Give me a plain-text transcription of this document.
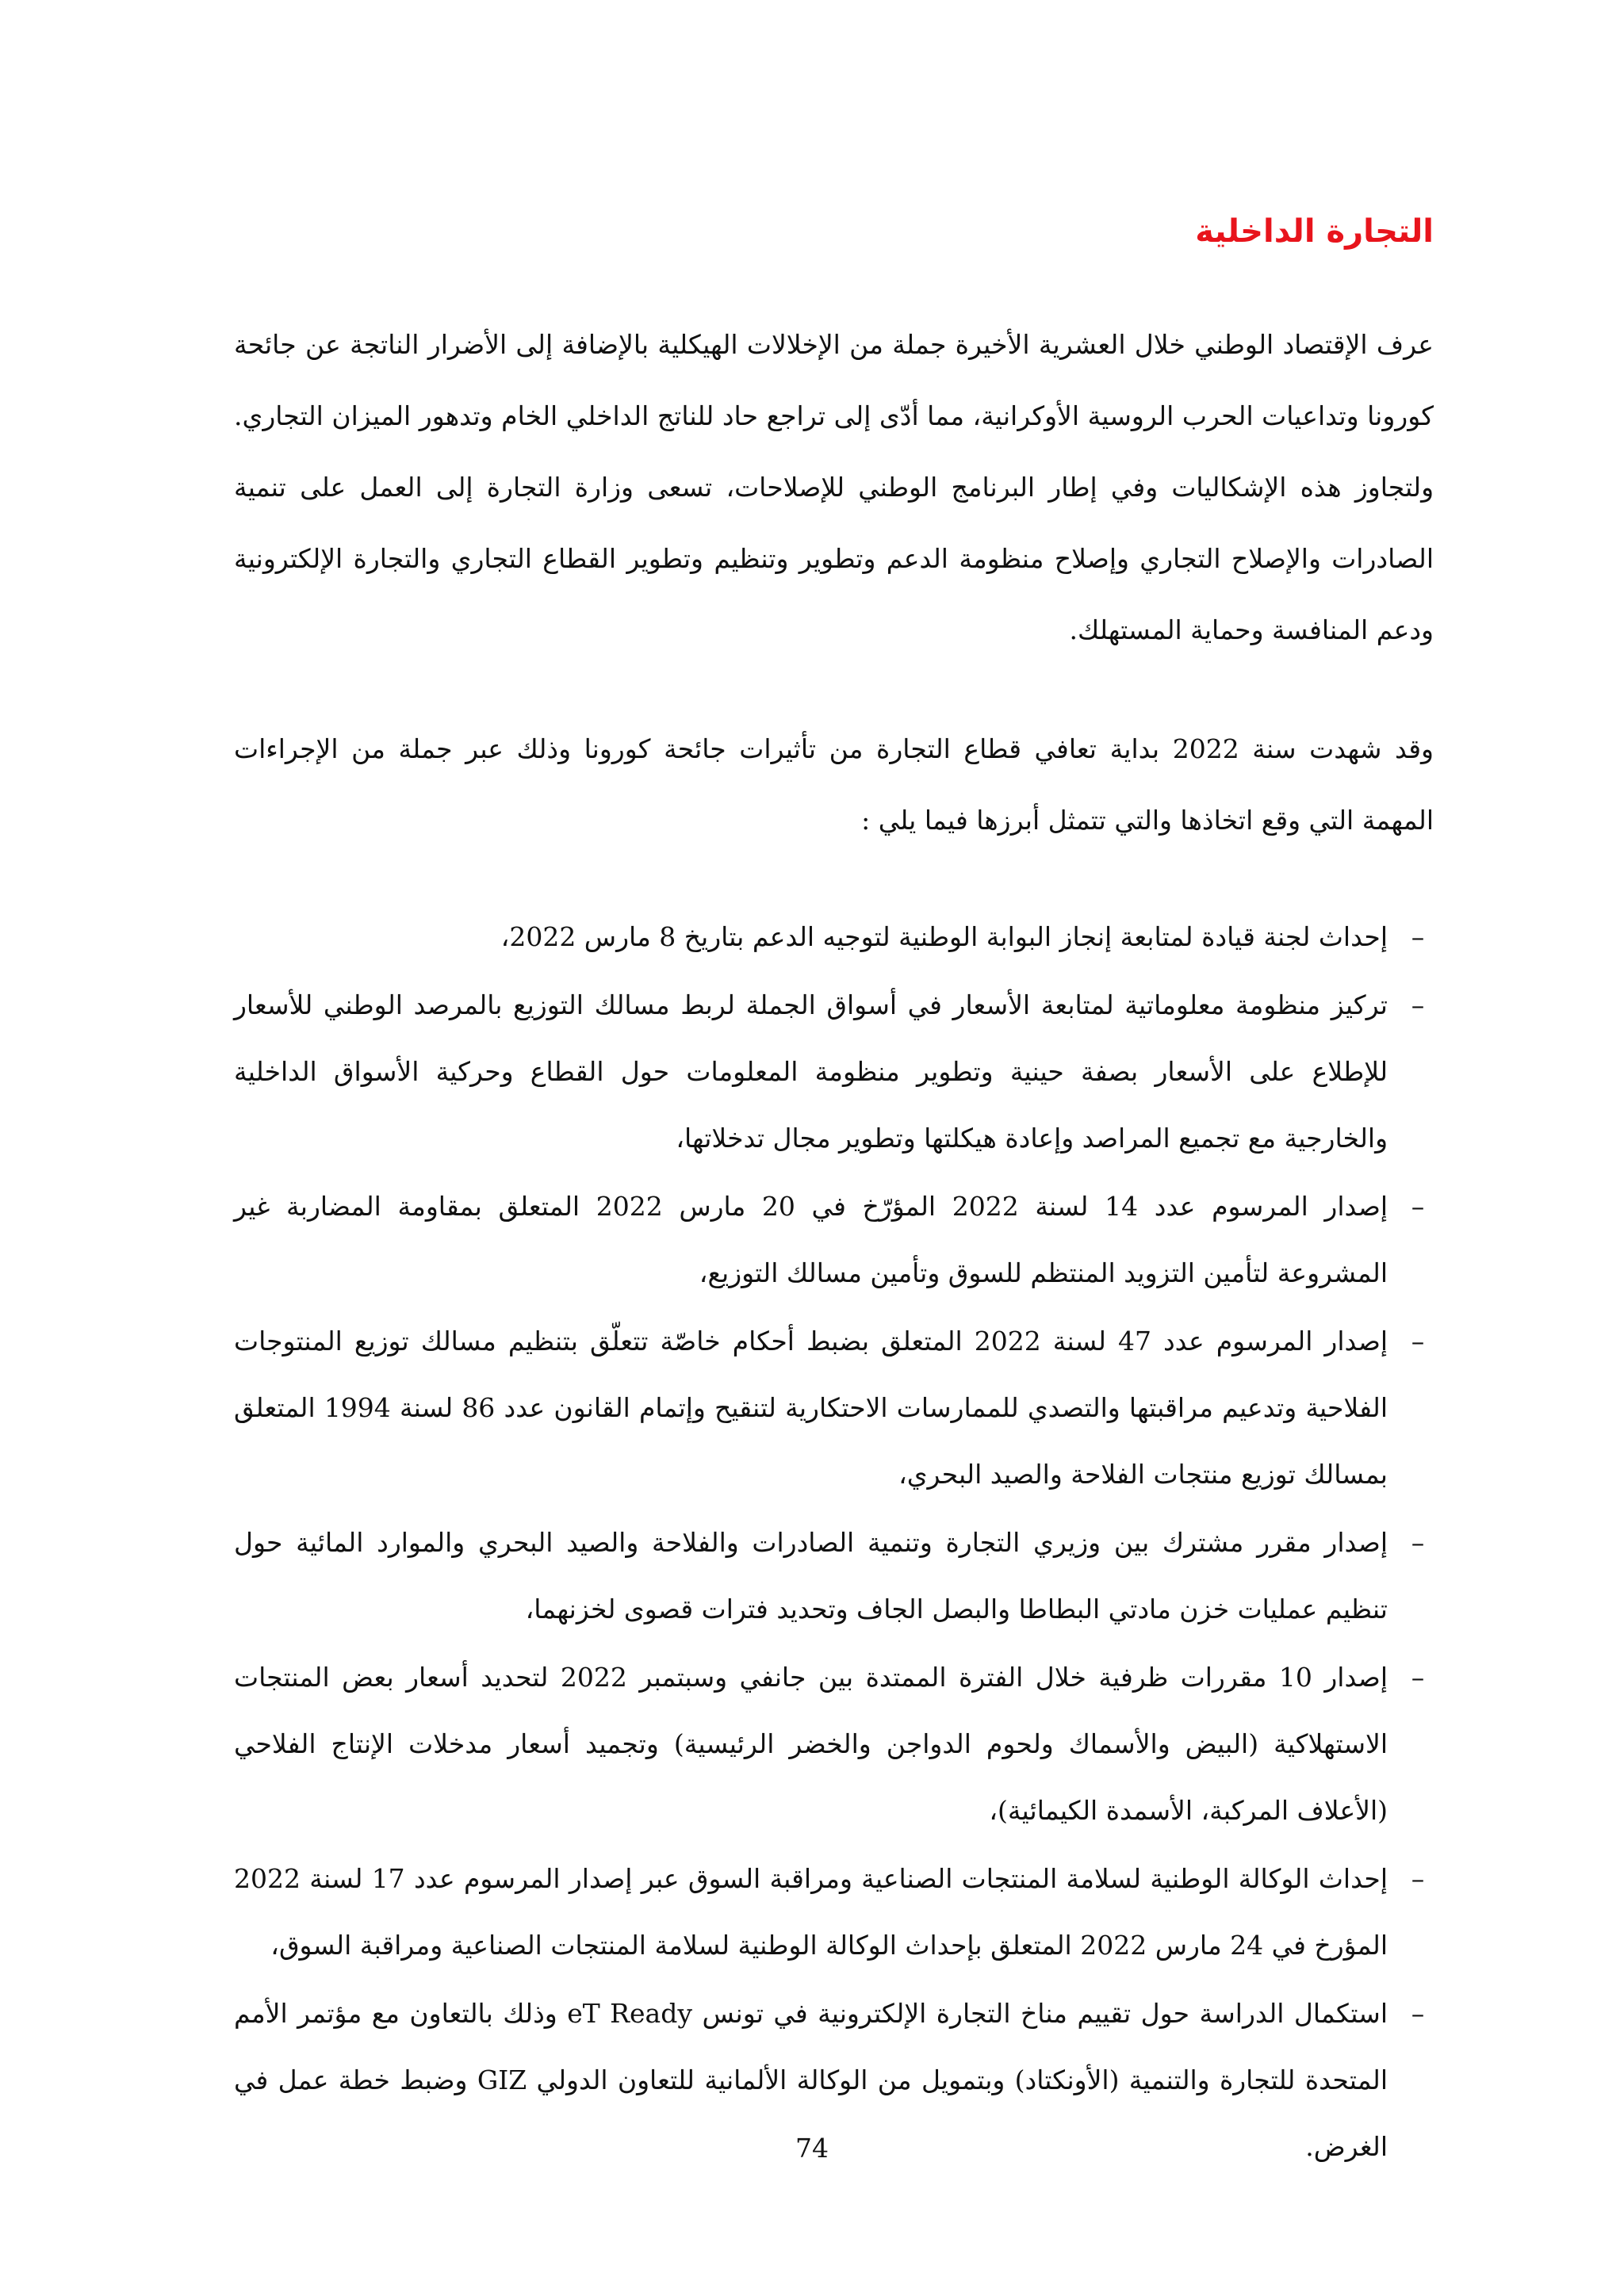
التجارة الداخلية

عرف الإقتصاد الوطني خلال العشرية الأخيرة جملة من الإخلالات الهيكلية بالإضافة إلى الأضرار الناتجة عن جائحة كورونا وتداعيات الحرب الروسية الأوكرانية، مما أدّى إلى تراجع حاد للناتج الداخلي الخام وتدهور الميزان التجاري. ولتجاوز هذه الإشكاليات وفي إطار البرنامج الوطني للإصلاحات، تسعى وزارة التجارة إلى العمل على تنمية الصادرات والإصلاح التجاري وإصلاح منظومة الدعم وتطوير وتنظيم وتطوير القطاع التجاري والتجارة الإلكترونية ودعم المنافسة وحماية المستهلك.

وقد شهدت سنة 2022 بداية تعافي قطاع التجارة من تأثيرات جائحة كورونا وذلك عبر جملة من الإجراءات المهمة التي وقع اتخاذها والتي تتمثل أبرزها فيما يلي :

–
إحداث لجنة قيادة لمتابعة إنجاز البوابة الوطنية لتوجيه الدعم بتاريخ 8 مارس 2022،
–
تركيز منظومة معلوماتية لمتابعة الأسعار في أسواق الجملة لربط مسالك التوزيع بالمرصد الوطني للأسعار للإطلاع على الأسعار بصفة حينية وتطوير منظومة المعلومات حول القطاع وحركية الأسواق الداخلية والخارجية مع تجميع المراصد وإعادة هيكلتها وتطوير مجال تدخلاتها،
–
إصدار المرسوم عدد 14 لسنة 2022 المؤرّخ في 20 مارس 2022 المتعلق بمقاومة المضاربة غير المشروعة لتأمين التزويد المنتظم للسوق وتأمين مسالك التوزيع،
–
إصدار المرسوم عدد 47 لسنة 2022 المتعلق بضبط أحكام خاصّة تتعلّق بتنظيم مسالك توزيع المنتوجات الفلاحية وتدعيم مراقبتها والتصدي للممارسات الاحتكارية لتنقيح وإتمام القانون عدد 86 لسنة 1994 المتعلق بمسالك توزيع منتجات الفلاحة والصيد البحري،
–
إصدار مقرر مشترك بين وزيري التجارة وتنمية الصادرات والفلاحة والصيد البحري والموارد المائية حول تنظيم عمليات خزن مادتي البطاطا والبصل الجاف وتحديد فترات قصوى لخزنهما،
–
إصدار 10 مقررات ظرفية خلال الفترة الممتدة بين جانفي وسبتمبر 2022 لتحديد أسعار بعض المنتجات الاستهلاكية (البيض والأسماك ولحوم الدواجن والخضر الرئيسية) وتجميد أسعار مدخلات الإنتاج الفلاحي (الأعلاف المركبة، الأسمدة الكيمائية)،
–
إحداث الوكالة الوطنية لسلامة المنتجات الصناعية ومراقبة السوق عبر إصدار المرسوم عدد 17 لسنة 2022 المؤرخ في 24 مارس 2022 المتعلق بإحداث الوكالة الوطنية لسلامة المنتجات الصناعية ومراقبة السوق،
–
استكمال الدراسة حول تقييم مناخ التجارة الإلكترونية في تونس eT Ready وذلك بالتعاون مع مؤتمر الأمم المتحدة للتجارة والتنمية (الأونكتاد) وبتمويل من الوكالة الألمانية للتعاون الدولي GIZ وضبط خطة عمل في الغرض.
74
